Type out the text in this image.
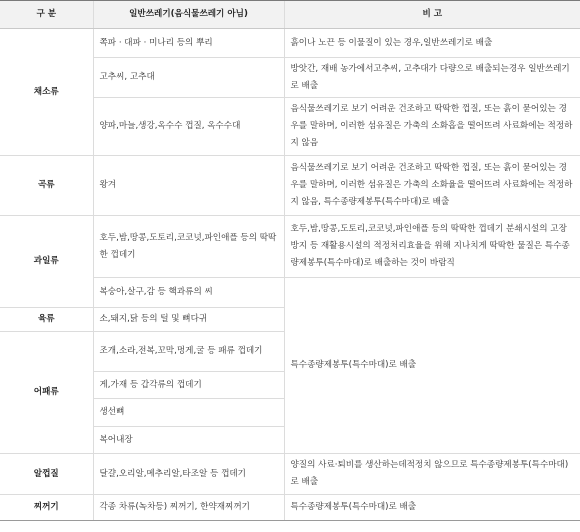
구 분	일반쓰레기(음식물쓰레기 아님)	비 고
채소류	쪽파 · 대파 · 미나리 등의 뿌리	흙이나 노끈 등 이물질이 있는 경우,일반쓰레기로 배출
	고추씨, 고추대	방앗간, 재배 농가에서고추씨, 고추대가 다량으로 배출되는경우 일반쓰레기로 배출
	양파,마늘,생강,옥수수 껍질, 옥수수대	음식물쓰레기로 보기 어려운 건조하고 딱딱한 껍질, 또는 흙이 묻어있는 경우를 말하며, 이러한 섬유질은 가축의 소화흡을 떨어뜨려 사료화에는 적정하지 않음
곡류	왕겨	음식물쓰레기로 보기 어려운 건조하고 딱딱한 껍질, 또는 흙이 묻어있는 경우를 말하며, 이러한 섬유질은 가축의 소화율을 떨어뜨려 사료화에는 적정하지 않음, 특수종량제봉투(특수마대)로 배출
과일류	호두,밤,땅콩,도토리,코코넛,파인애플 등의 딱딱한 껍데기	호두,밤,땅콩,도토리,코코넛,파인애플 등의 딱딱한 껍데기 분쇄시설의 고장 방지 등 재활용시설의 적정처리효율을 위해 지나치게 딱딱한 물질은 특수종량제봉투(특수마대)로 배출하는 것이 바람직
	복숭아,살구,감 등 핵과류의 씨	특수종량제봉투(특수마대)로 배출
육류	소,돼지,닭 등의 털 및 뼈다귀	
어패류	조개,소라,전복,꼬막,멍게,굴 등 패류 껍데기	
	게,가재 등 갑각류의 껍데기	
	생선뼈	
	복어내장	
알껍질	달걀,오리알,메추리알,타조알 등 껍데기	양질의 사료·퇴비를 생산하는데적정치 않으므로 특수종량제봉투(특수마대)로 배출
찌꺼기	각종 차류(녹차등) 찌꺼기, 한약재찌꺼기	특수종량제봉투(특수마대)로 배출
